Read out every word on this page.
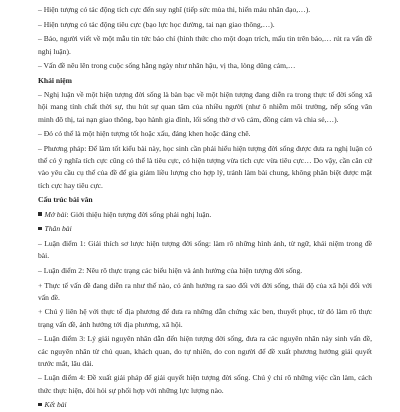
– Hiện tượng có tác động tích cực đến suy nghĩ (tiếp sức mùa thi, hiến máu nhân đạo,…).
– Hiện tượng có tác động tiêu cực (bạo lực học đường, tai nạn giao thông,…).
– Bảo, người viết về một mẫu tin tức báo chí (hình thức cho một đoạn trích, mẩu tin trên báo,… rút ra vấn đề nghị luận).
– Vấn đề nêu lên trong cuộc sống hằng ngày như nhân hậu, vị tha, lòng dũng cảm,…
Khái niệm
– Nghị luận về một hiện tượng đời sống là bàn bạc về một hiện tượng đang diễn ra trong thực tế đời sống xã hội mang tính chất thời sự, thu hút sự quan tâm của nhiều người (như ô nhiễm môi trường, nếp sống văn minh đô thị, tai nạn giao thông, bạo hành gia đình, lối sống thờ ơ vô cảm, đồng cảm và chia sẻ,…).
– Đó có thể là một hiện tượng tốt hoặc xấu, đáng khen hoặc đáng chê.
– Phương pháp: Để làm tốt kiểu bài này, học sinh cần phải hiểu hiện tượng đời sống được đưa ra nghị luận có thể có ý nghĩa tích cực cũng có thể là tiêu cực, có hiện tượng vừa tích cực vừa tiêu cực… Do vậy, cần căn cứ vào yêu cầu cụ thể của đề để gia giảm liều lượng cho hợp lý, tránh làm bài chung, không phân biệt được mặt tích cực hay tiêu cực.
Cấu trúc bài văn
Mở bài: Giới thiệu hiện tượng đời sống phải nghị luận.
Thân bài
– Luận điểm 1: Giải thích sơ lược hiện tượng đời sống: làm rõ những hình ảnh, từ ngữ, khái niệm trong đề bài.
– Luận điểm 2: Nêu rõ thực trạng các biểu hiện và ảnh hưởng của hiện tượng đời sống.
+ Thực tế vấn đề đang diễn ra như thế nào, có ảnh hưởng ra sao đối với đời sống, thái độ của xã hội đối với vấn đề.
+ Chú ý liên hệ với thực tế địa phương để đưa ra những dẫn chứng xác ben, thuyết phục, từ đó làm rõ thực trạng vấn đề, ảnh hưởng tới địa phương, xã hội.
– Luận điểm 3: Lý giải nguyên nhân dẫn đến hiện tượng đời sống, đưa ra các nguyên nhân này sinh vấn đề, các nguyên nhân từ chủ quan, khách quan, do tự nhiên, do con người để đề xuất phương hướng giải quyết trước mắt, lâu dài.
– Luận điểm 4: Đề xuất giải pháp để giải quyết hiện tượng đời sống. Chú ý chỉ rõ những việc cần làm, cách thức thực hiện, đòi hỏi sự phối hợp với những lực lượng nào.
Kết bài
